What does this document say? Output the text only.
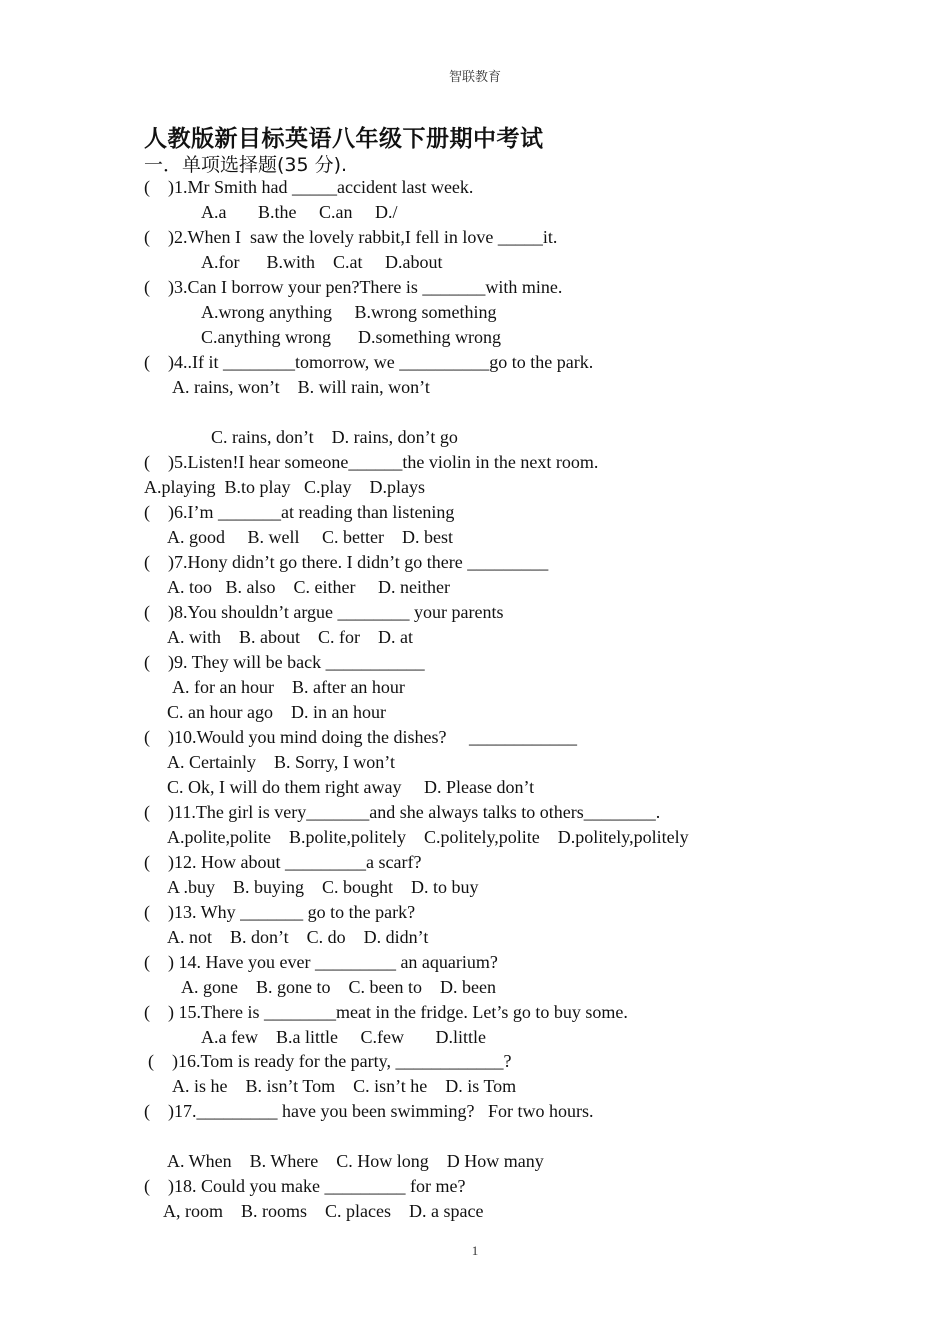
智联教育
人教版新目标英语八年级下册期中考试
一．单项选择题(35 分).
(    )1.Mr Smith had _____accident last week.
A.a       B.the     C.an     D./
(    )2.When I  saw the lovely rabbit,I fell in love _____it.
A.for      B.with    C.at     D.about
(    )3.Can I borrow your pen?There is _______with mine.
A.wrong anything     B.wrong something
C.anything wrong      D.something wrong
(    )4..If it ________tomorrow, we __________go to the park.
A. rains, won’t    B. will rain, won’t
C. rains, don’t    D. rains, don’t go
(    )5.Listen!I hear someone______the violin in the next room.
A.playing  B.to play   C.play    D.plays
(    )6.I’m _______at reading than listening
A. good     B. well     C. better    D. best
(    )7.Hony didn’t go there. I didn’t go there _________
A. too   B. also    C. either     D. neither
(    )8.You shouldn’t argue ________ your parents
A. with    B. about    C. for    D. at
(    )9. They will be back ___________
A. for an hour    B. after an hour
C. an hour ago    D. in an hour
(    )10.Would you mind doing the dishes?     ____________
A. Certainly    B. Sorry, I won’t
C. Ok, I will do them right away     D. Please don’t
(    )11.The girl is very_______and she always talks to others________.
A.polite,polite    B.polite,politely    C.politely,polite    D.politely,politely
(    )12. How about _________a scarf?
A .buy    B. buying    C. bought    D. to buy
(    )13. Why _______ go to the park?
A. not    B. don’t    C. do    D. didn’t
(    ) 14. Have you ever _________ an aquarium?
A. gone    B. gone to    C. been to    D. been
(    ) 15.There is ________meat in the fridge. Let’s go to buy some.
A.a few    B.a little     C.few       D.little
(    )16.Tom is ready for the party, ____________?
A. is he    B. isn’t Tom    C. isn’t he    D. is Tom
(    )17._________ have you been swimming?   For two hours.
A. When    B. Where    C. How long    D How many
(    )18. Could you make _________ for me?
A, room    B. rooms    C. places    D. a space
1
